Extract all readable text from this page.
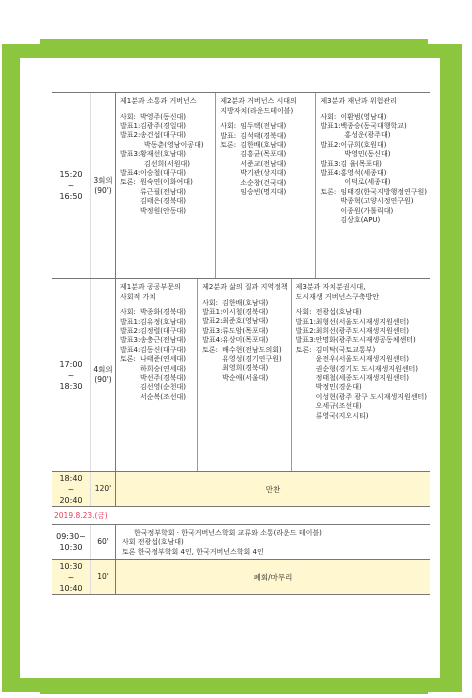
15:20
~
16:50
3회의
(90')
제1분과 소통과 거버넌스
사회: 박영주(동신대)
발표1:김광주(경일대)
발표2:송건섭(대구대)
박동춘(영남이공대)
발표3:황재선(호남대)
김선희(서원대)
발표4:이승철(대구대)
토론: 원숙연(이화여대)
류근필(전남대)
김태은(경북대)
박정원(안동대)
제2분과 거버넌스 시대의
지방자치(라운드테이블)
사회: 임두택(전남대)
발표: 김석태(경북대)
토론: 김한배(호남대)
김흥균(목포대)
서준교(전남대)
박기관(상지대)
소순창(건국대)
임승빈(명지대)
제3분과 재난과 위험관리
사회: 이환범(영남대)
발표1:백종승(동국대행학교)
홍성운(광주대)
발표2:이규희(호원대)
박영민(동신대)
발표3:김 율(목포대)
발표4:홍영석(세종대)
이덕로(세종대)
토론: 임태경(한국지방행정연구원)
박종혁(고양시정연구원)
이종원(가톨릭대)
김상호(APU)
17:00
~
18:30
4회의
(90')
제1분과 공공부문의
사회적 가치
사회: 박종화(경북대)
발표1:김유정(호남대)
발표2:김정렬(대구대)
발표3:송충근(전남대)
발표4:김동신(대구대)
토론: 나태준(연세대)
하희승(연세대)
박선주(경북대)
김선영(순천대)
서순복(조선대)
제2분과 삶의 질과 지역정책
사회: 김한배(호남대)
발표1:이시철(경북대)
발표2:최준호(영남대)
발표3:류도암(목포대)
발표4:유상미(목포대)
토론: 배수현(전남도의회)
유영성(경기연구원)
최영희(경북대)
박순애(서울대)
제3분과 자치분권시대,
도시재생 거버넌스구축방안
사회: 전광섭(호남대)
발표1:최형선(서울도시재생지원센터)
발표2:최희선(광주도시재생지원센터)
발표3:안명화(광주도시재생공동체센터)
토론: 김미탁(국토교통부)
윤전우(서울도시재생지원센터)
권순형(경기도 도시재생지원센터)
정태철(세종도시재생지원센터)
박정민(경운대)
이성현(광주 광구 도시재생지원센터)
오세규(조선대)
류영국(지오시티)
18:40
~
20:40
120'	만찬
2019.8.23.(금)
09:30~
10:30
60'
한국정부학회 · 한국거버넌스학회 교류와 소통(라운드 테이블)
사회 전광섭(호남대)
토론 한국정부학회 4인, 한국거버넌스학회 4인
10:30
~
10:40
10'	폐회/마무리
